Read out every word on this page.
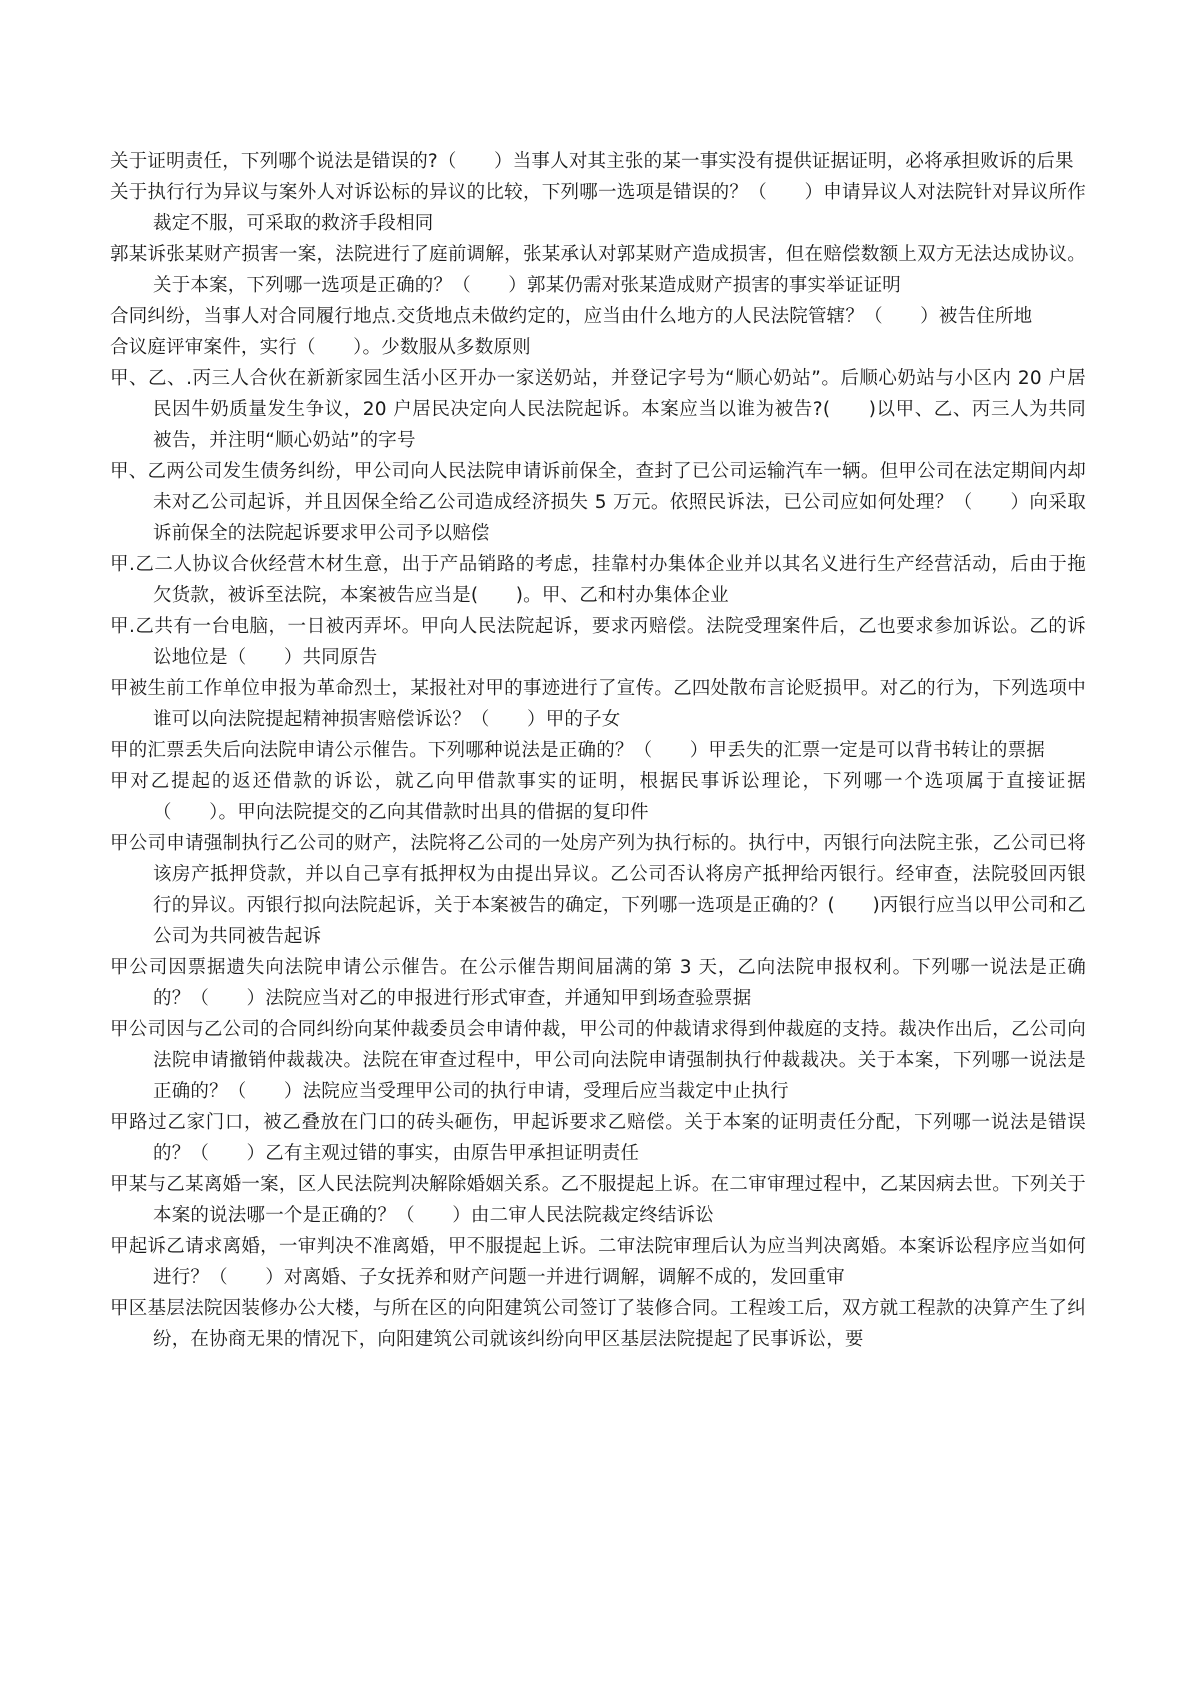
关于证明责任，下列哪个说法是错误的?（　　）当事人对其主张的某一事实没有提供证据证明，必将承担败诉的后果

关于执行行为异议与案外人对诉讼标的异议的比较，下列哪一选项是错误的？（　　）申请异议人对法院针对异议所作裁定不服，可采取的救济手段相同

郭某诉张某财产损害一案，法院进行了庭前调解，张某承认对郭某财产造成损害，但在赔偿数额上双方无法达成协议。关于本案，下列哪一选项是正确的？（　　）郭某仍需对张某造成财产损害的事实举证证明

合同纠纷，当事人对合同履行地点.交货地点未做约定的，应当由什么地方的人民法院管辖？（　　）被告住所地

合议庭评审案件，实行（　　）。少数服从多数原则

甲、乙、.丙三人合伙在新新家园生活小区开办一家送奶站，并登记字号为“顺心奶站”。后顺心奶站与小区内 20 户居民因牛奶质量发生争议，20 户居民决定向人民法院起诉。本案应当以谁为被告?(　　)以甲、乙、丙三人为共同被告，并注明“顺心奶站”的字号

甲、乙两公司发生债务纠纷，甲公司向人民法院申请诉前保全，查封了已公司运输汽车一辆。但甲公司在法定期间内却未对乙公司起诉，并且因保全给乙公司造成经济损失 5 万元。依照民诉法，已公司应如何处理？（　　）向采取诉前保全的法院起诉要求甲公司予以赔偿

甲.乙二人协议合伙经营木材生意，出于产品销路的考虑，挂靠村办集体企业并以其名义进行生产经营活动，后由于拖欠货款，被诉至法院，本案被告应当是(　　)。甲、乙和村办集体企业

甲.乙共有一台电脑，一日被丙弄坏。甲向人民法院起诉，要求丙赔偿。法院受理案件后，乙也要求参加诉讼。乙的诉讼地位是（　　）共同原告

甲被生前工作单位申报为革命烈士，某报社对甲的事迹进行了宣传。乙四处散布言论贬损甲。对乙的行为，下列选项中谁可以向法院提起精神损害赔偿诉讼？（　　）甲的子女

甲的汇票丢失后向法院申请公示催告。下列哪种说法是正确的？（　　）甲丢失的汇票一定是可以背书转让的票据

甲对乙提起的返还借款的诉讼，就乙向甲借款事实的证明，根据民事诉讼理论，下列哪一个选项属于直接证据（　　）。甲向法院提交的乙向其借款时出具的借据的复印件

甲公司申请强制执行乙公司的财产，法院将乙公司的一处房产列为执行标的。执行中，丙银行向法院主张，乙公司已将该房产抵押贷款，并以自己享有抵押权为由提出异议。乙公司否认将房产抵押给丙银行。经审查，法院驳回丙银行的异议。丙银行拟向法院起诉，关于本案被告的确定，下列哪一选项是正确的？(　　)丙银行应当以甲公司和乙公司为共同被告起诉

甲公司因票据遗失向法院申请公示催告。在公示催告期间届满的第 3 天，乙向法院申报权利。下列哪一说法是正确的？（　　）法院应当对乙的申报进行形式审查，并通知甲到场查验票据

甲公司因与乙公司的合同纠纷向某仲裁委员会申请仲裁，甲公司的仲裁请求得到仲裁庭的支持。裁决作出后，乙公司向法院申请撤销仲裁裁决。法院在审查过程中，甲公司向法院申请强制执行仲裁裁决。关于本案，下列哪一说法是正确的？（　　）法院应当受理甲公司的执行申请，受理后应当裁定中止执行

甲路过乙家门口，被乙叠放在门口的砖头砸伤，甲起诉要求乙赔偿。关于本案的证明责任分配，下列哪一说法是错误的？（　　）乙有主观过错的事实，由原告甲承担证明责任

甲某与乙某离婚一案，区人民法院判决解除婚姻关系。乙不服提起上诉。在二审审理过程中，乙某因病去世。下列关于本案的说法哪一个是正确的？（　　）由二审人民法院裁定终结诉讼

甲起诉乙请求离婚，一审判决不准离婚，甲不服提起上诉。二审法院审理后认为应当判决离婚。本案诉讼程序应当如何进行？（　　）对离婚、子女抚养和财产问题一并进行调解，调解不成的，发回重审

甲区基层法院因装修办公大楼，与所在区的向阳建筑公司签订了装修合同。工程竣工后，双方就工程款的决算产生了纠纷，在协商无果的情况下，向阳建筑公司就该纠纷向甲区基层法院提起了民事诉讼，要
